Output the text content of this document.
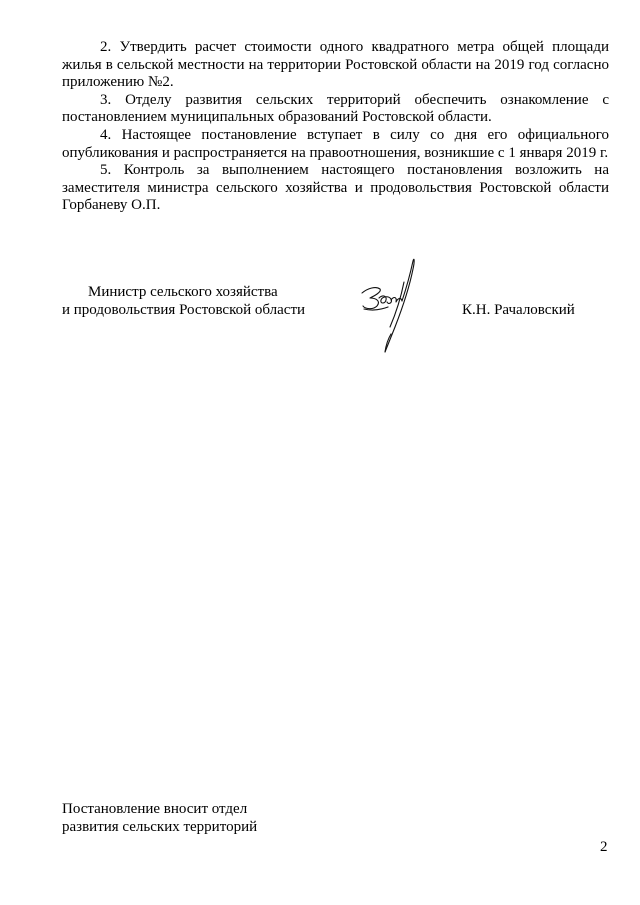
2. Утвердить расчет стоимости одного квадратного метра общей площади жилья в сельской местности на территории Ростовской области на 2019 год согласно приложению №2.

3. Отделу развития сельских территорий обеспечить ознакомление с постановлением муниципальных образований Ростовской области.

4. Настоящее постановление вступает в силу со дня его официального опубликования и распространяется на правоотношения, возникшие с 1 января 2019 г.

5. Контроль за выполнением настоящего постановления возложить на заместителя министра сельского хозяйства и продовольствия Ростовской области Горбаневу О.П.

Министр сельского хозяйства
и продовольствия Ростовской области	К.Н. Рачаловский
Постановление вносит отдел
развития сельских территорий
2
